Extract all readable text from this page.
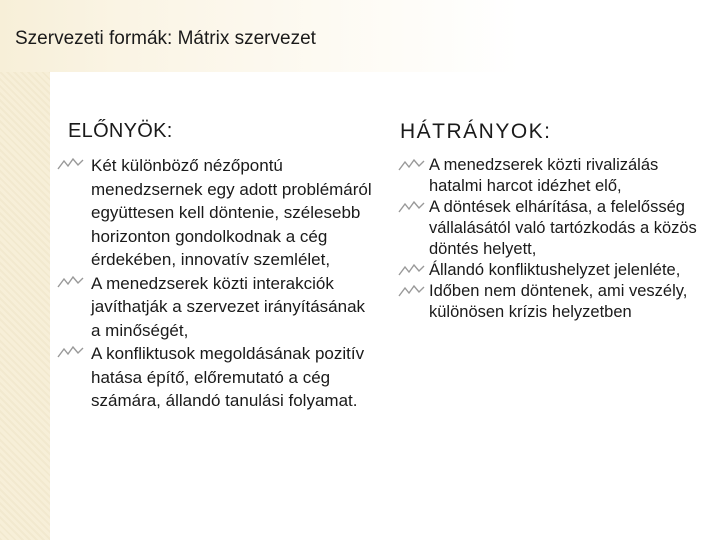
Szervezeti formák: Mátrix szervezet
ELŐNYÖK:
Két különböző nézőpontú menedzsernek egy adott problémáról együttesen kell döntenie, szélesebb horizonton gondolkodnak a cég érdekében, innovatív szemlélet,
A menedzserek közti interakciók javíthatják a szervezet irányításának a minőségét,
A konfliktusok megoldásának pozitív hatása építő, előremutató a cég számára, állandó tanulási folyamat.
HÁTRÁNYOK:
A menedzserek közti rivalizálás hatalmi harcot idézhet elő,
A döntések elhárítása, a felelősség vállalásától való tartózkodás a közös döntés helyett,
Állandó konfliktushelyzet jelenléte,
Időben nem döntenek, ami veszély, különösen krízis helyzetben
